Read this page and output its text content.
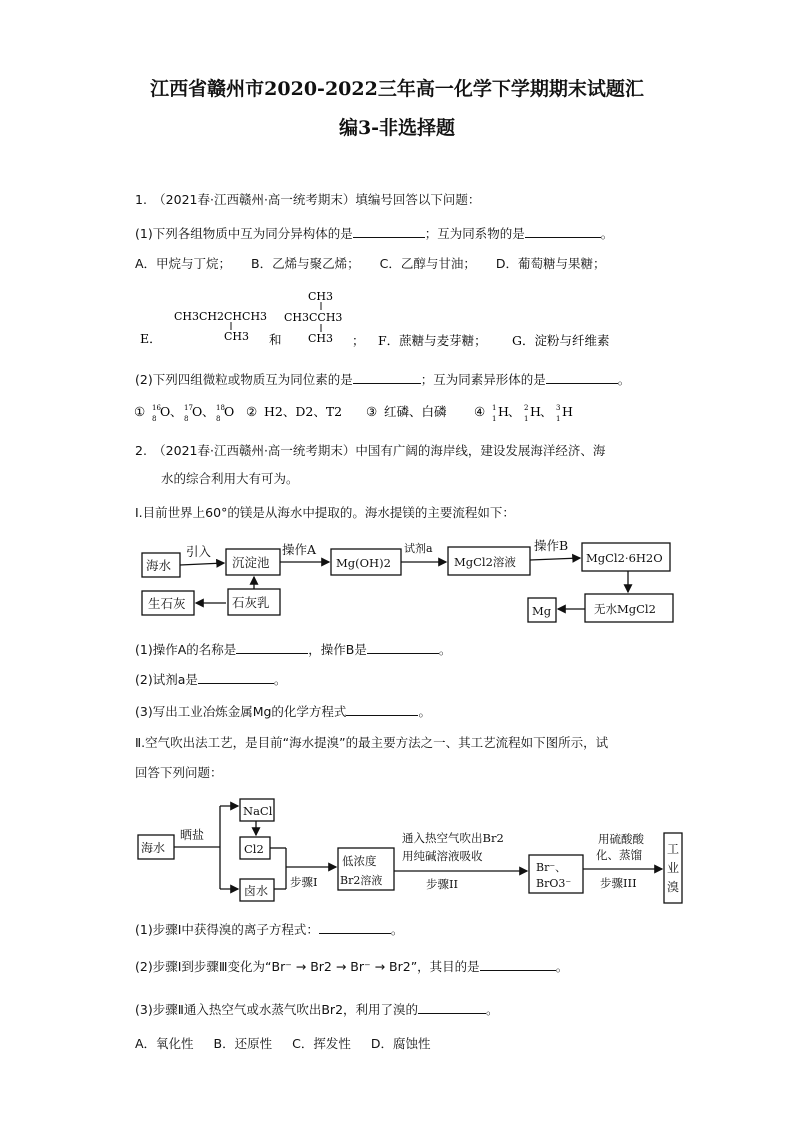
江西省赣州市2020-2022三年高一化学下学期期末试题汇
编3-非选择题
1.　（2021春·江西赣州·高一统考期末）填编号回答以下问题：
(1)下列各组物质中互为同分异构体的是	；互为同系物的是	。
A．甲烷与丁烷； B．乙烯与聚乙烯； C．乙醇与甘油； D．葡萄糖与果糖；
E．
CH3CH2CHCH3
CH3 和
CH3
CH3CCH3
CH3 ； F．蔗糖与麦芽糖； G．淀粉与纤维素
(2)下列四组微粒或物质互为同位素的是	；互为同素异形体的是	。
① 16
8 O 、 17
8 O 、 18
8 O ② H2、D2、T2 ③ 红磷、白磷 ④ 1
1 H 、 2
1 H 、 3
1 H
2.　（2021春·江西赣州·高一统考期末）中国有广阔的海岸线，建设发展海洋经济、海
水的综合利用大有可为。
Ⅰ.目前世界上60°的镁是从海水中提取的。海水提镁的主要流程如下：
海水
引入
沉淀池
操作A
Mg(OH)2
试剂a
MgCl2溶液
操作B
MgCl2·6H2O
生石灰	石灰乳	无水MgCl2
Mg
(1)操作A的名称是	，操作B是	。
(2)试剂a是	。
(3)写出工业冶炼金属Mg的化学方程式	。
Ⅱ.空气吹出法工艺，是目前“海水提溴”的最主要方法之一、其工艺流程如下图所示，试
回答下列问题：
海水
晒盐
NaCl
Cl2
卤水
步骤I
低浓度
Br2溶液
通入热空气吹出Br2
用纯碱溶液吸收
步骤II
Br⁻、
BrO3⁻
用硫酸酸
化、蒸馏
步骤III
工
业
溴
(1)步骤Ⅰ中获得溴的离子方程式：	。
(2)步骤Ⅰ到步骤Ⅲ变化为“Br⁻ → Br2 → Br⁻ → Br2”，其目的是	。
(3)步骤Ⅱ通入热空气或水蒸气吹出Br2，利用了溴的	。
A．氧化性 B．还原性 C．挥发性 D．腐蚀性
